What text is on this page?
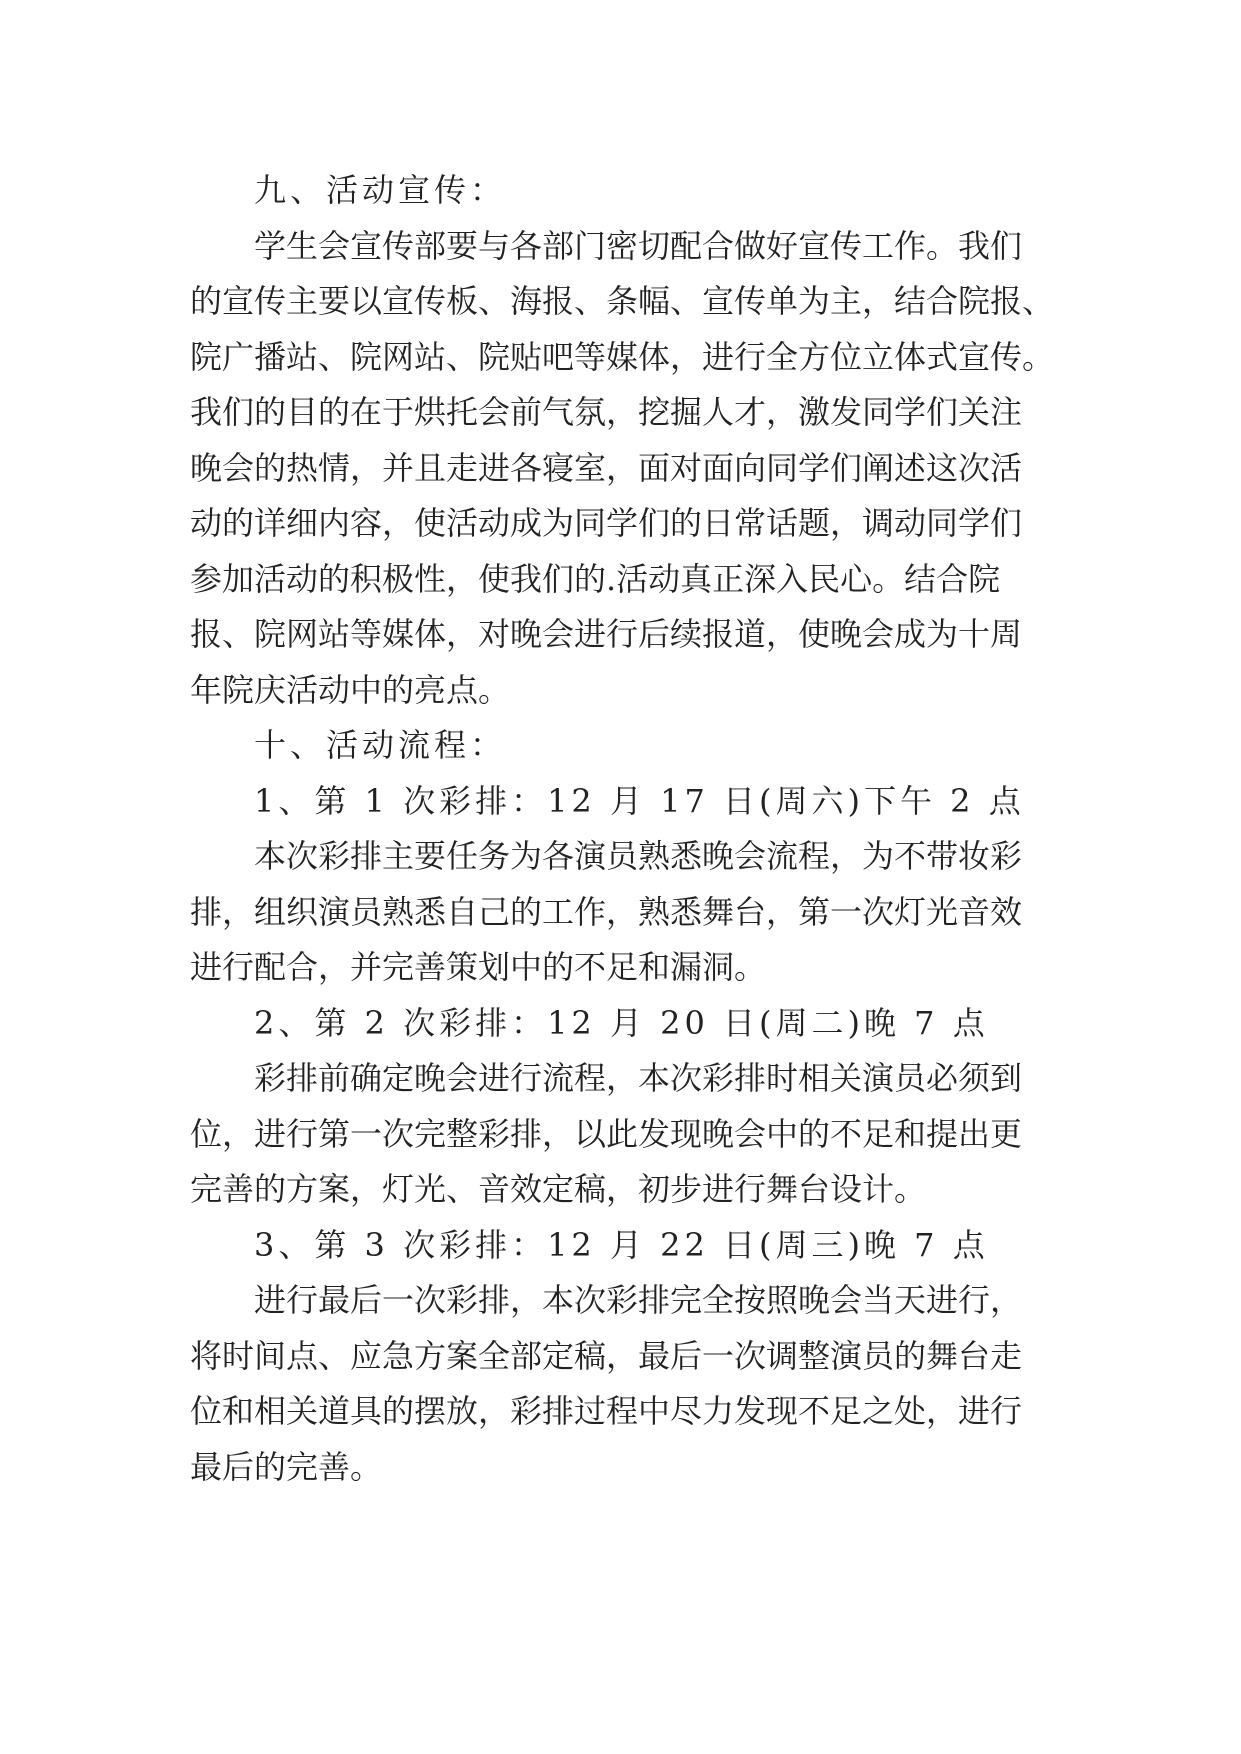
九、活动宣传：
学生会宣传部要与各部门密切配合做好宣传工作。我们
的宣传主要以宣传板、海报、条幅、宣传单为主，结合院报、
院广播站、院网站、院贴吧等媒体，进行全方位立体式宣传。
我们的目的在于烘托会前气氛，挖掘人才，激发同学们关注
晚会的热情，并且走进各寝室，面对面向同学们阐述这次活
动的详细内容，使活动成为同学们的日常话题，调动同学们
参加活动的积极性，使我们的.活动真正深入民心。结合院
报、院网站等媒体，对晚会进行后续报道，使晚会成为十周
年院庆活动中的亮点。
十、活动流程：
1、第 1 次彩排：12 月 17 日(周六)下午 2 点
本次彩排主要任务为各演员熟悉晚会流程，为不带妆彩
排，组织演员熟悉自己的工作，熟悉舞台，第一次灯光音效
进行配合，并完善策划中的不足和漏洞。
2、第 2 次彩排：12 月 20 日(周二)晚 7 点
彩排前确定晚会进行流程，本次彩排时相关演员必须到
位，进行第一次完整彩排，以此发现晚会中的不足和提出更
完善的方案，灯光、音效定稿，初步进行舞台设计。
3、第 3 次彩排：12 月 22 日(周三)晚 7 点
进行最后一次彩排，本次彩排完全按照晚会当天进行，
将时间点、应急方案全部定稿，最后一次调整演员的舞台走
位和相关道具的摆放，彩排过程中尽力发现不足之处，进行
最后的完善。
